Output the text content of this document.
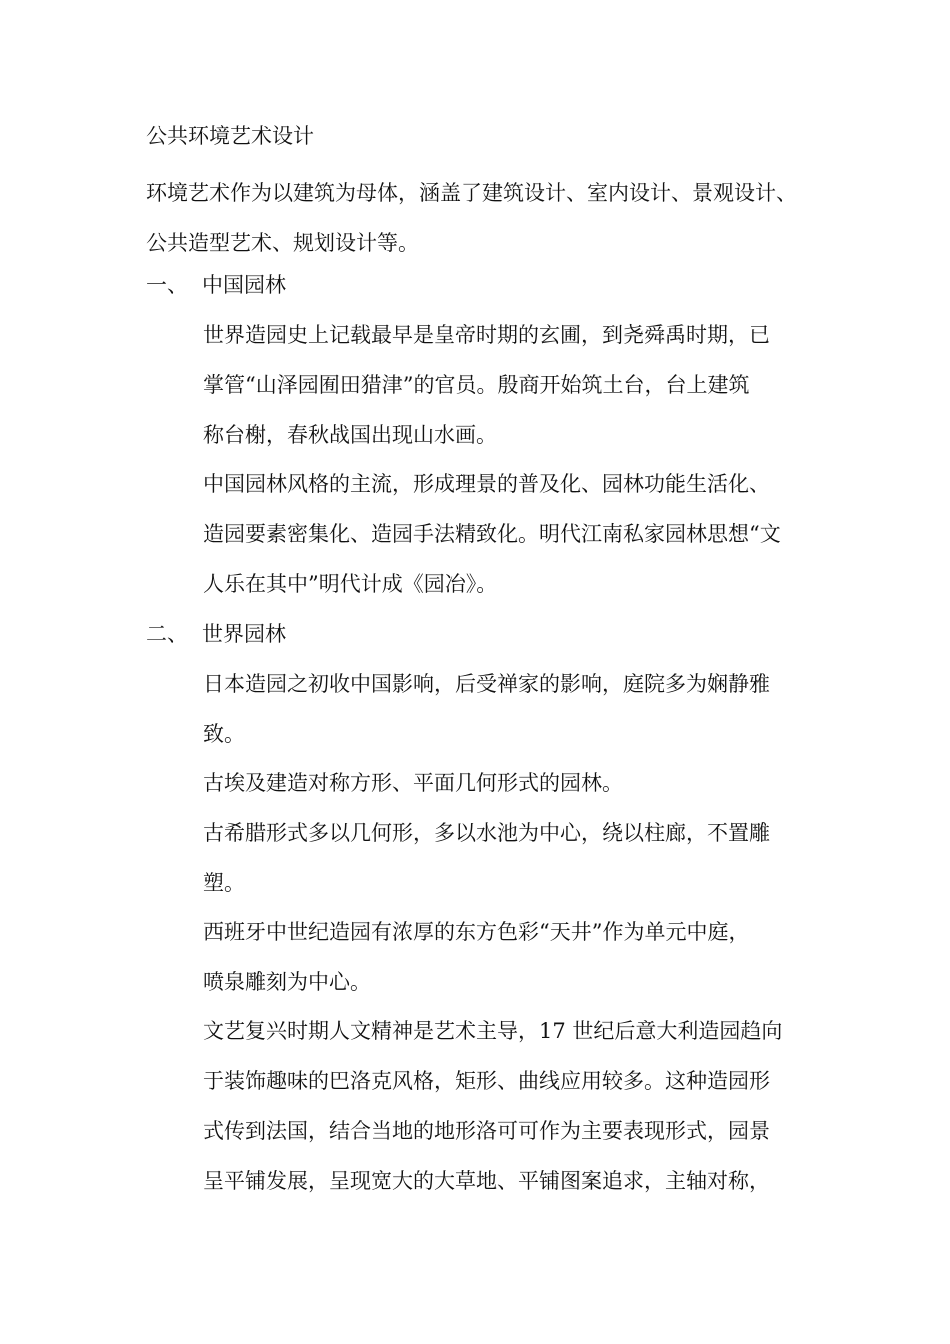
公共环境艺术设计
环境艺术作为以建筑为母体，涵盖了建筑设计、室内设计、景观设计、
公共造型艺术、规划设计等。
一、 中国园林
世界造园史上记载最早是皇帝时期的玄圃，到尧舜禹时期，已
掌管“山泽园囿田猎津”的官员。殷商开始筑土台，台上建筑
称台榭，春秋战国出现山水画。
中国园林风格的主流，形成理景的普及化、园林功能生活化、
造园要素密集化、造园手法精致化。明代江南私家园林思想“文
人乐在其中”明代计成《园冶》。
二、 世界园林
日本造园之初收中国影响，后受禅家的影响，庭院多为娴静雅
致。
古埃及建造对称方形、平面几何形式的园林。
古希腊形式多以几何形，多以水池为中心，绕以柱廊，不置雕
塑。
西班牙中世纪造园有浓厚的东方色彩“天井”作为单元中庭，
喷泉雕刻为中心。
文艺复兴时期人文精神是艺术主导，17 世纪后意大利造园趋向
于装饰趣味的巴洛克风格，矩形、曲线应用较多。这种造园形
式传到法国，结合当地的地形洛可可作为主要表现形式，园景
呈平铺发展，呈现宽大的大草地、平铺图案追求，主轴对称，
